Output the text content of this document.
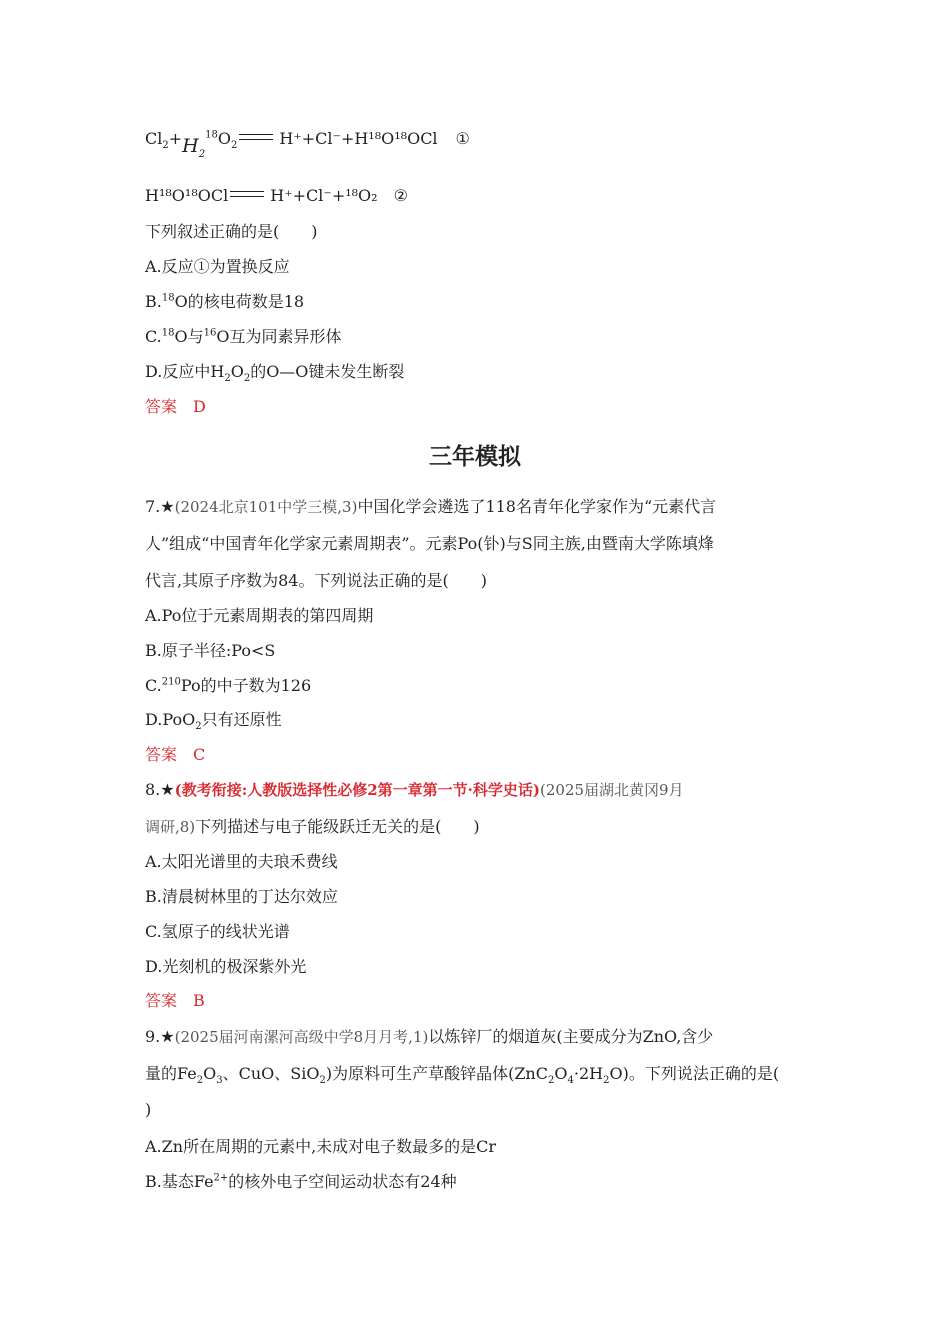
$Cl_2+H_2^{18}O_2$	H⁺+Cl⁻+H¹⁸O¹⁸OCl ①
H¹⁸O¹⁸OCl	H⁺+Cl⁻+¹⁸O₂ ②
下列叙述正确的是(　　)
A.反应①为置换反应
B.$^{18}$O的核电荷数是18
C.$^{18}$O与$^{16}$O互为同素异形体
D.反应中$H_2O_2$的O—O键未发生断裂
答案 D
三年模拟
7.★(2024北京101中学三模,3)中国化学会遴选了118名青年化学家作为“元素代言
人”组成“中国青年化学家元素周期表”。元素Po(钋)与S同主族,由暨南大学陈填烽
代言,其原子序数为84。下列说法正确的是(　　)
A.Po位于元素周期表的第四周期
B.原子半径:Po<S
C.$^{210}$Po的中子数为126
D.PoO$_2$只有还原性
答案 C
8.★(教考衔接:人教版选择性必修2第一章第一节·科学史话)(2025届湖北黄冈9月
调研,8)下列描述与电子能级跃迁无关的是(　　)
A.太阳光谱里的夫琅禾费线
B.清晨树林里的丁达尔效应
C.氢原子的线状光谱
D.光刻机的极深紫外光
答案 B
9.★(2025届河南漯河高级中学8月月考,1)以炼锌厂的烟道灰(主要成分为ZnO,含少
量的$Fe_2O_3$、CuO、SiO$_2$)为原料可生产草酸锌晶体$(ZnC_2O_4\cdot 2H_2O)$。下列说法正确的是(
)
A.Zn所在周期的元素中,未成对电子数最多的是Cr
B.基态$Fe^{2+}$的核外电子空间运动状态有24种
